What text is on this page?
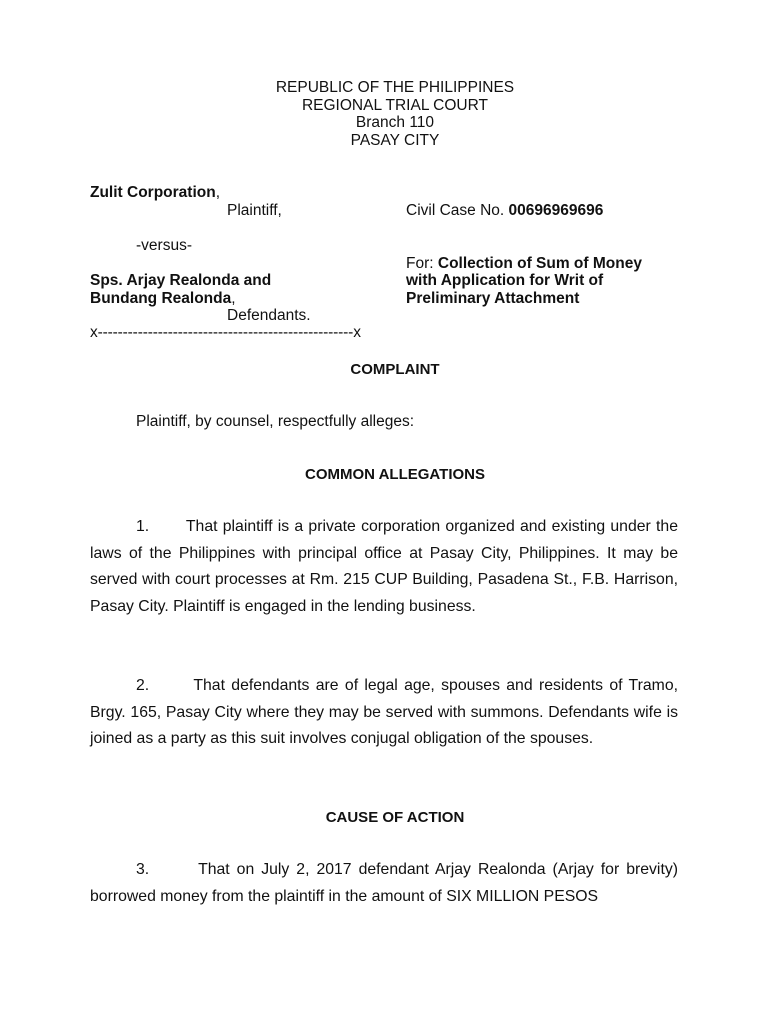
REPUBLIC OF THE PHILIPPINES
REGIONAL TRIAL COURT
Branch 110
PASAY CITY
Zulit Corporation,
Plaintiff,	Civil Case No. 00696969696
-versus-
For: Collection of Sum of Money
with Application for Writ of
Preliminary Attachment
Sps. Arjay Realonda and
Bundang Realonda,
Defendants.
x---------------------------------------------------x
COMPLAINT
Plaintiff, by counsel, respectfully alleges:
COMMON ALLEGATIONS

1. That plaintiff is a private corporation organized and existing under the laws of the Philippines with principal office at Pasay City, Philippines. It may be served with court processes at Rm. 215 CUP Building, Pasadena St., F.B. Harrison, Pasay City. Plaintiff is engaged in the lending business.

2.	That defendants are of legal age, spouses and residents of Tramo, Brgy. 165, Pasay City where they may be served with summons. Defendants wife is joined as a party as this suit involves conjugal obligation of the spouses.

CAUSE OF ACTION

3.	That on July 2, 2017 defendant Arjay Realonda (Arjay for brevity) borrowed money from the plaintiff in the amount of SIX MILLION PESOS
